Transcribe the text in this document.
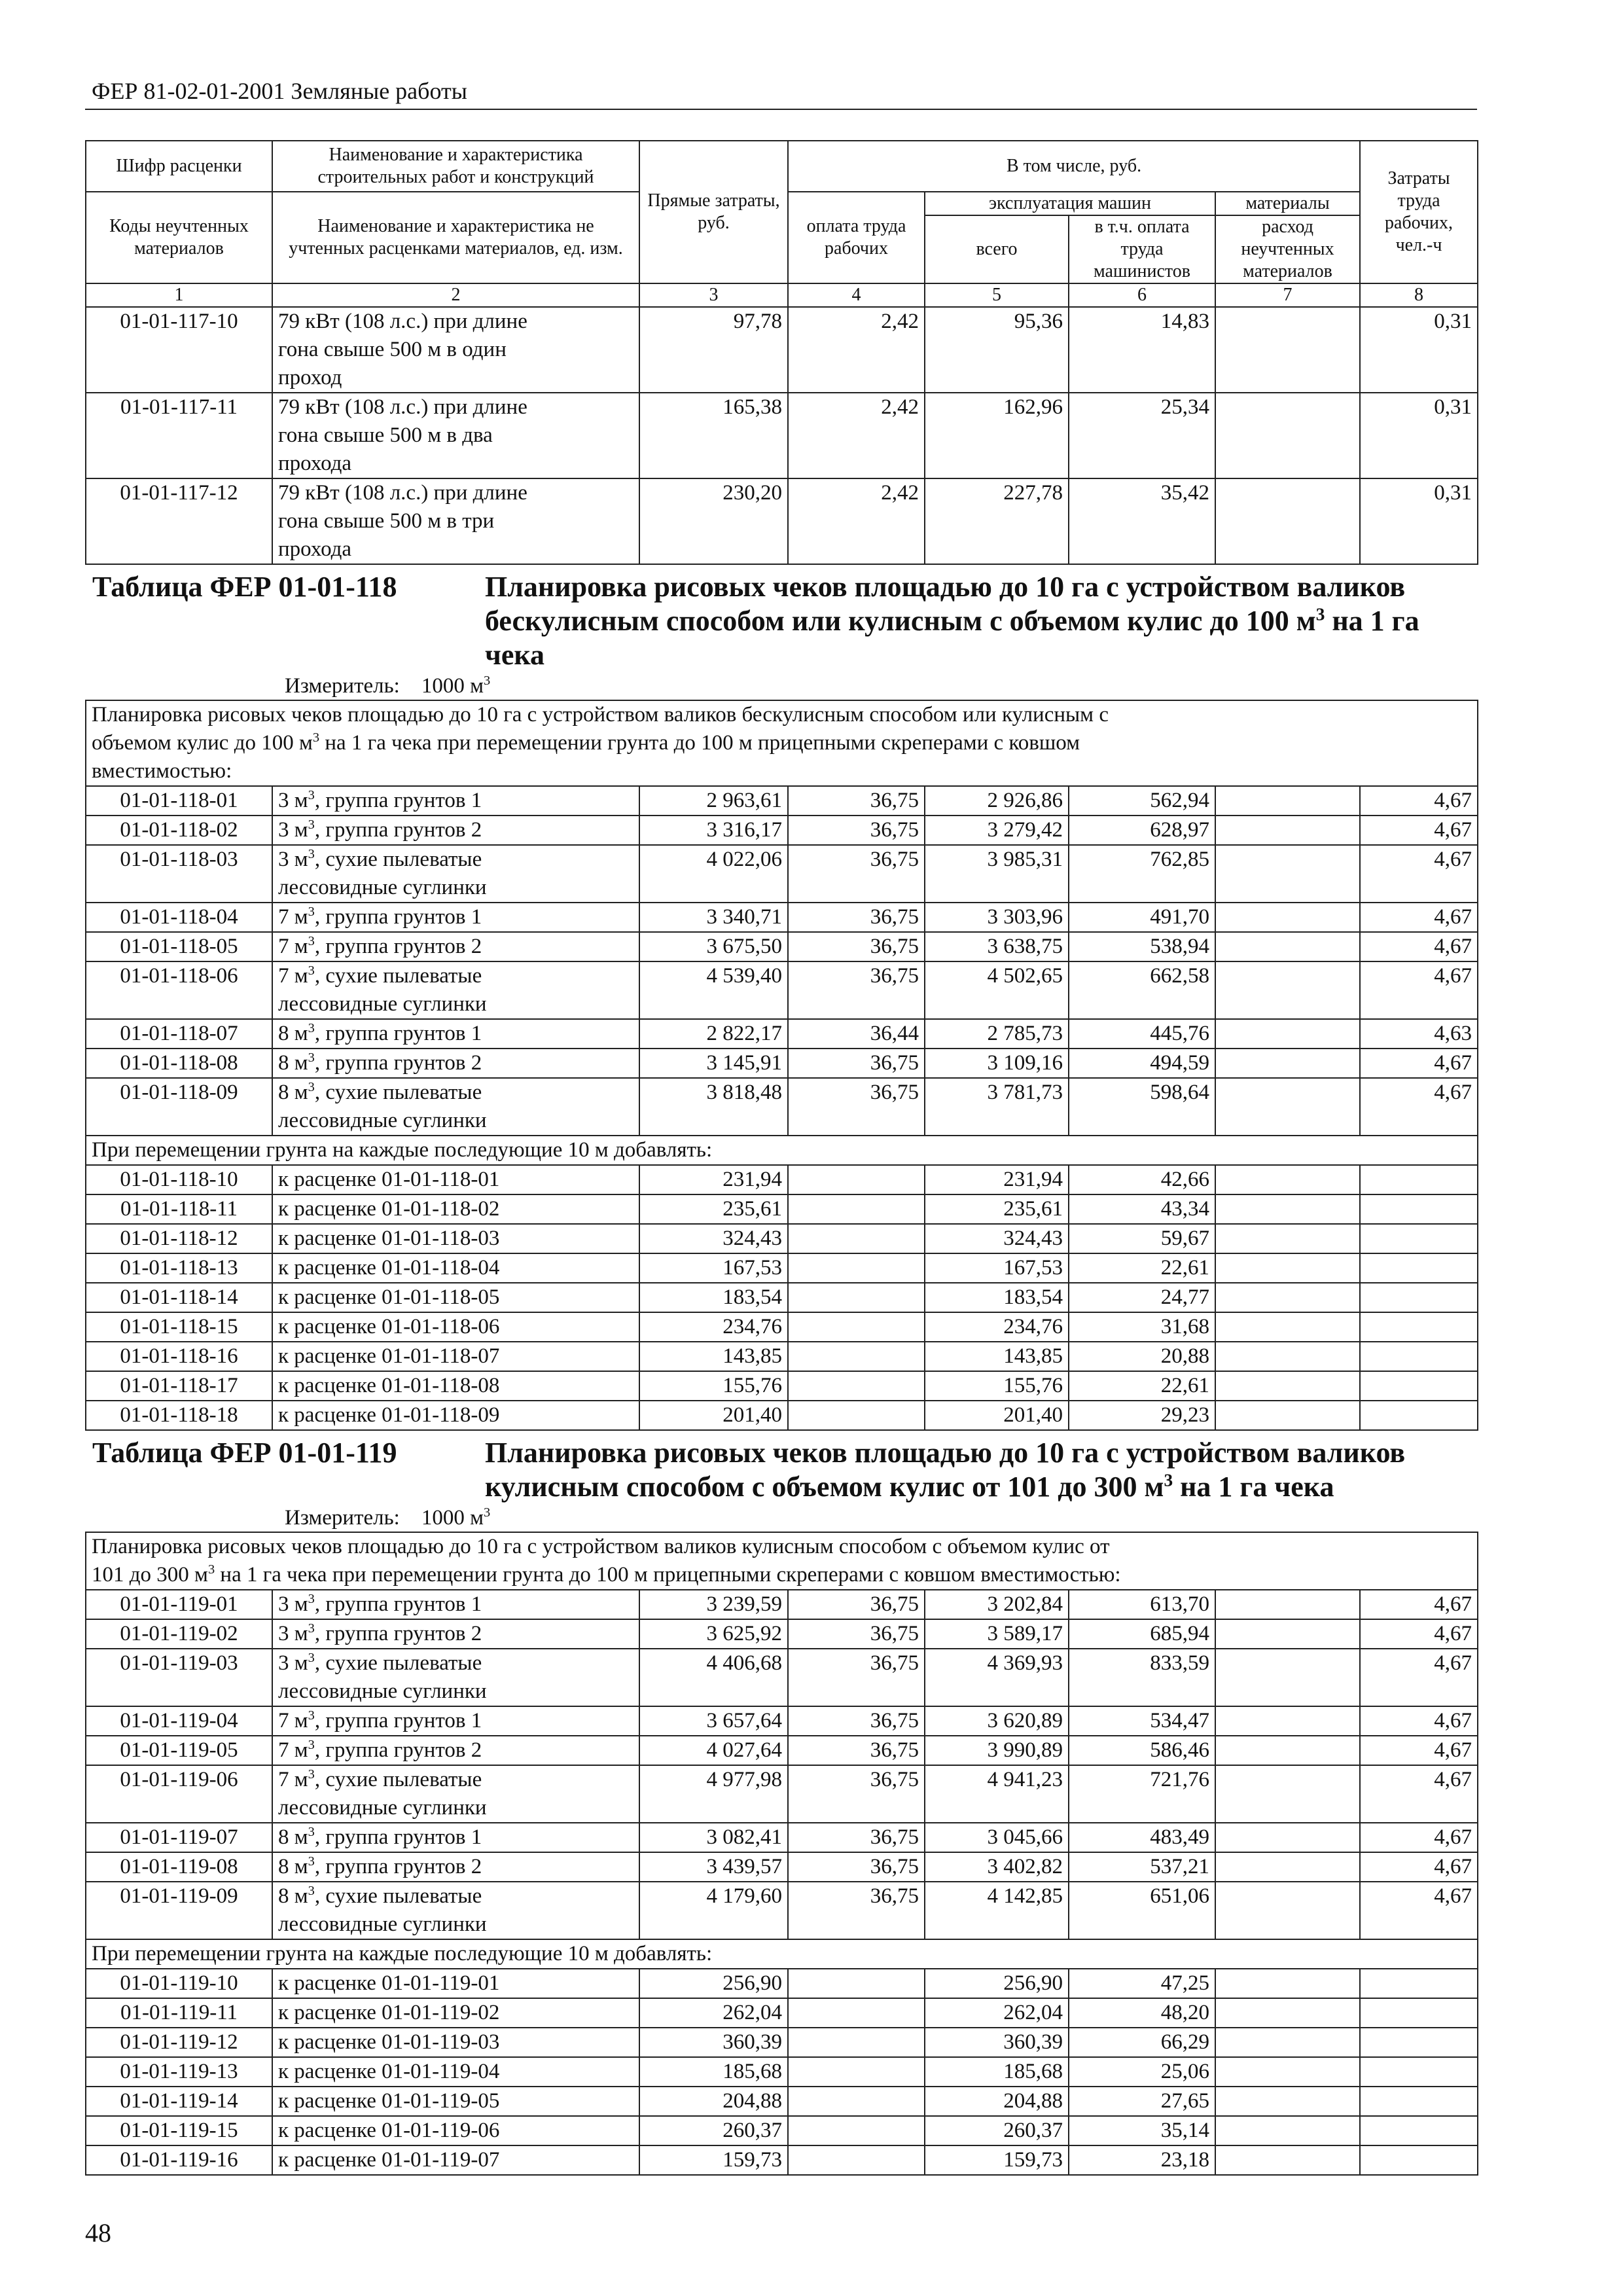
ФЕР 81-02-01-2001 Земляные работы
Шифр расценки	Наименование и характеристика строительных работ и конструкций	Прямые затраты, руб.	В том числе, руб.				Затраты труда рабочих, чел.-ч
Коды неучтенных материалов	Наименование и характеристика не учтенных расценками материалов, ед. изм.		оплата труда рабочих	эксплуатация машин		материалы	
				всего	в т.ч. оплата труда машинистов	расход неучтенных материалов	
1	2	3	4	5	6	7	8
01-01-117-10	79 кВт (108 л.с.) при длине
гона свыше 500 м в один
проход	97,78	2,42	95,36	14,83		0,31
01-01-117-11	79 кВт (108 л.с.) при длине
гона свыше 500 м в два
прохода	165,38	2,42	162,96	25,34		0,31
01-01-117-12	79 кВт (108 л.с.) при длине
гона свыше 500 м в три
прохода	230,20	2,42	227,78	35,42		0,31

Таблица ФЕР 01-01-118 Планировка рисовых чеков площадью до 10 га с устройством валиков
бескулисным способом или кулисным с объемом кулис до 100 $м^3$ на 1 га
чека
Измеритель: 1000 $м^3$

Планировка рисовых чеков площадью до 10 га с устройством валиков бескулисным способом или кулисным с
объемом кулис до 100 $м^3$ на 1 га чека при перемещении грунта до 100 м прицепными скреперами с ковшом
вместимостью:							
01-01-118-01	3 $м^3$, группа грунтов 1	2 963,61	36,75	2 926,86	562,94		4,67
01-01-118-02	3 $м^3$, группа грунтов 2	3 316,17	36,75	3 279,42	628,97		4,67
01-01-118-03	3 $м^3$, сухие пылеватые
лессовидные суглинки	4 022,06	36,75	3 985,31	762,85		4,67
01-01-118-04	7 $м^3$, группа грунтов 1	3 340,71	36,75	3 303,96	491,70		4,67
01-01-118-05	7 $м^3$, группа грунтов 2	3 675,50	36,75	3 638,75	538,94		4,67
01-01-118-06	7 $м^3$, сухие пылеватые
лессовидные суглинки	4 539,40	36,75	4 502,65	662,58		4,67
01-01-118-07	8 $м^3$, группа грунтов 1	2 822,17	36,44	2 785,73	445,76		4,63
01-01-118-08	8 $м^3$, группа грунтов 2	3 145,91	36,75	3 109,16	494,59		4,67
01-01-118-09	8 $м^3$, сухие пылеватые
лессовидные суглинки	3 818,48	36,75	3 781,73	598,64		4,67
При перемещении грунта на каждые последующие 10 м добавлять:							
01-01-118-10	к расценке 01-01-118-01	231,94		231,94	42,66		
01-01-118-11	к расценке 01-01-118-02	235,61		235,61	43,34		
01-01-118-12	к расценке 01-01-118-03	324,43		324,43	59,67		
01-01-118-13	к расценке 01-01-118-04	167,53		167,53	22,61		
01-01-118-14	к расценке 01-01-118-05	183,54		183,54	24,77		
01-01-118-15	к расценке 01-01-118-06	234,76		234,76	31,68		
01-01-118-16	к расценке 01-01-118-07	143,85		143,85	20,88		
01-01-118-17	к расценке 01-01-118-08	155,76		155,76	22,61		
01-01-118-18	к расценке 01-01-118-09	201,40		201,40	29,23		

Таблица ФЕР 01-01-119 Планировка рисовых чеков площадью до 10 га с устройством валиков
кулисным способом с объемом кулис от 101 до 300 $м^3$ на 1 га чека
Измеритель: 1000 $м^3$

Планировка рисовых чеков площадью до 10 га с устройством валиков кулисным способом с объемом кулис от
101 до 300 $м^3$ на 1 га чека при перемещении грунта до 100 м прицепными скреперами с ковшом вместимостью:							
01-01-119-01	3 $м^3$, группа грунтов 1	3 239,59	36,75	3 202,84	613,70		4,67
01-01-119-02	3 $м^3$, группа грунтов 2	3 625,92	36,75	3 589,17	685,94		4,67
01-01-119-03	3 $м^3$, сухие пылеватые
лессовидные суглинки	4 406,68	36,75	4 369,93	833,59		4,67
01-01-119-04	7 $м^3$, группа грунтов 1	3 657,64	36,75	3 620,89	534,47		4,67
01-01-119-05	7 $м^3$, группа грунтов 2	4 027,64	36,75	3 990,89	586,46		4,67
01-01-119-06	7 $м^3$, сухие пылеватые
лессовидные суглинки	4 977,98	36,75	4 941,23	721,76		4,67
01-01-119-07	8 $м^3$, группа грунтов 1	3 082,41	36,75	3 045,66	483,49		4,67
01-01-119-08	8 $м^3$, группа грунтов 2	3 439,57	36,75	3 402,82	537,21		4,67
01-01-119-09	8 $м^3$, сухие пылеватые
лессовидные суглинки	4 179,60	36,75	4 142,85	651,06		4,67
При перемещении грунта на каждые последующие 10 м добавлять:							
01-01-119-10	к расценке 01-01-119-01	256,90		256,90	47,25		
01-01-119-11	к расценке 01-01-119-02	262,04		262,04	48,20		
01-01-119-12	к расценке 01-01-119-03	360,39		360,39	66,29		
01-01-119-13	к расценке 01-01-119-04	185,68		185,68	25,06		
01-01-119-14	к расценке 01-01-119-05	204,88		204,88	27,65		
01-01-119-15	к расценке 01-01-119-06	260,37		260,37	35,14		
01-01-119-16	к расценке 01-01-119-07	159,73		159,73	23,18		
48
